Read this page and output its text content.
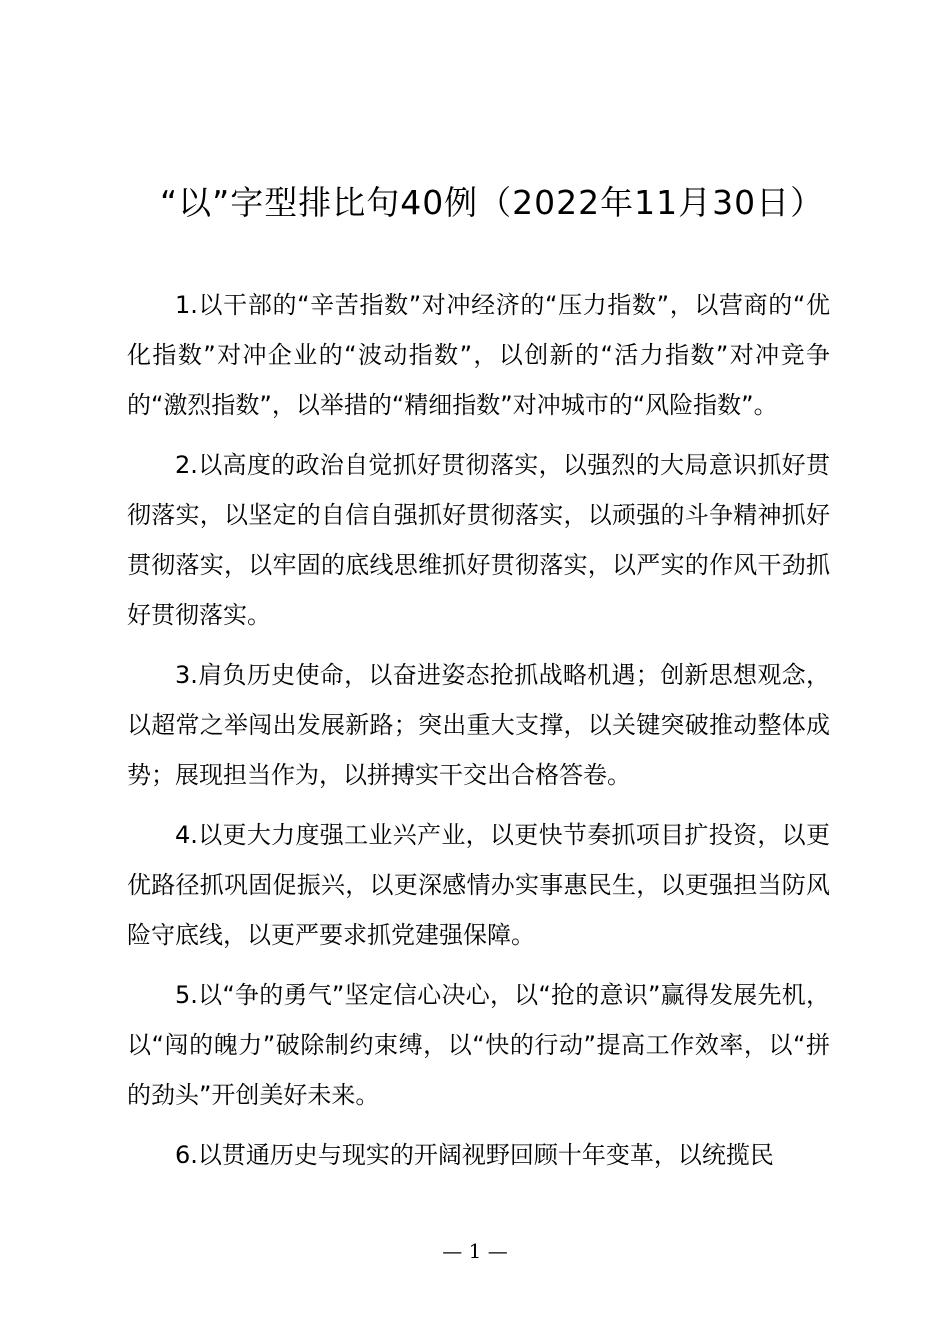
“以”字型排比句40例（2022年11月30日）

1.以干部的“辛苦指数”对冲经济的“压力指数”，以营商的“优化指数”对冲企业的“波动指数”，以创新的“活力指数”对冲竞争的“激烈指数”，以举措的“精细指数”对冲城市的“风险指数”。

2.以高度的政治自觉抓好贯彻落实，以强烈的大局意识抓好贯彻落实，以坚定的自信自强抓好贯彻落实，以顽强的斗争精神抓好贯彻落实，以牢固的底线思维抓好贯彻落实，以严实的作风干劲抓好贯彻落实。

3.肩负历史使命，以奋进姿态抢抓战略机遇；创新思想观念，以超常之举闯出发展新路；突出重大支撑，以关键突破推动整体成势；展现担当作为，以拼搏实干交出合格答卷。

4.以更大力度强工业兴产业，以更快节奏抓项目扩投资，以更优路径抓巩固促振兴，以更深感情办实事惠民生，以更强担当防风险守底线，以更严要求抓党建强保障。

5.以“争的勇气”坚定信心决心，以“抢的意识”赢得发展先机，以“闯的魄力”破除制约束缚，以“快的行动”提高工作效率，以“拼的劲头”开创美好未来。

6.以贯通历史与现实的开阔视野回顾十年变革，以统揽民

— 1 —
